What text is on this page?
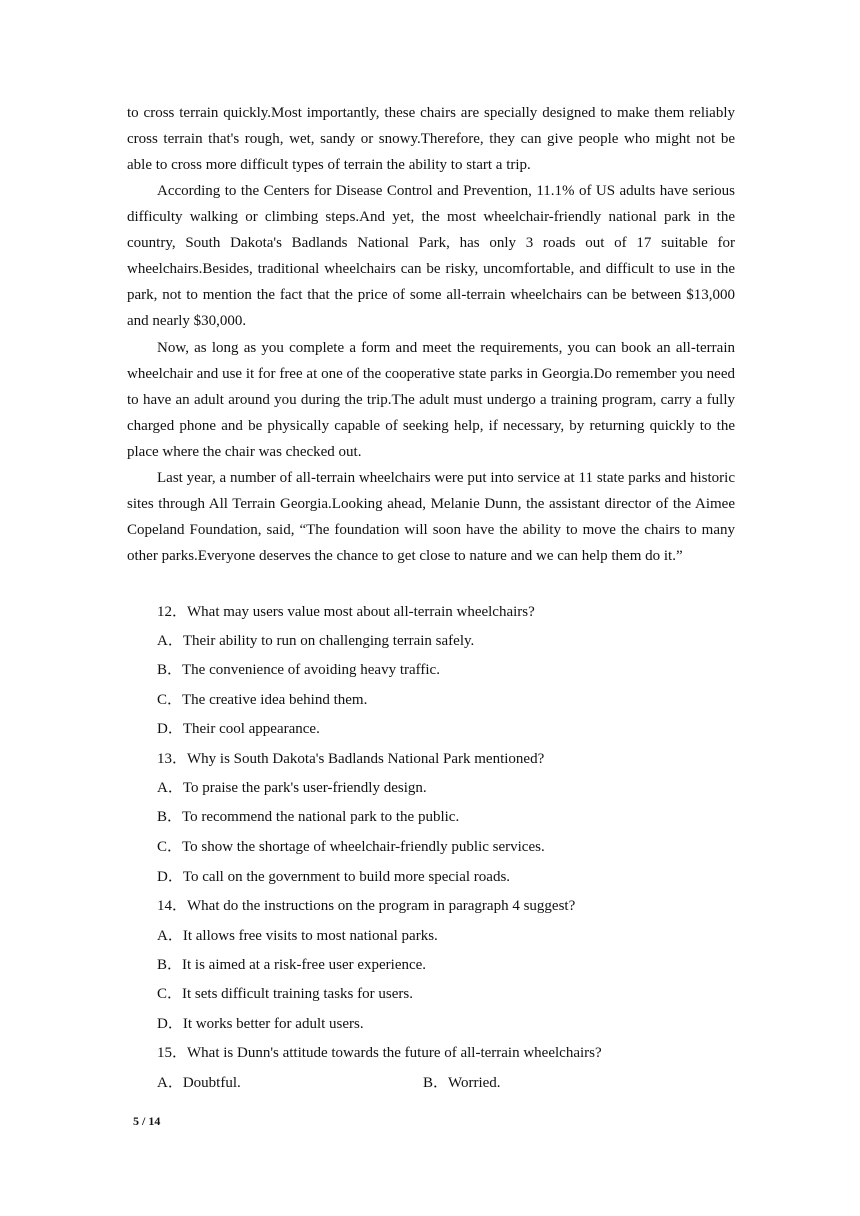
to cross terrain quickly.Most importantly, these chairs are specially designed to make them reliably cross terrain that's rough, wet, sandy or snowy.Therefore, they can give people who might not be able to cross more difficult types of terrain the ability to start a trip.

According to the Centers for Disease Control and Prevention, 11.1% of US adults have serious difficulty walking or climbing steps.And yet, the most wheelchair-friendly national park in the country, South Dakota's Badlands National Park, has only 3 roads out of 17 suitable for wheelchairs.Besides, traditional wheelchairs can be risky, uncomfortable, and difficult to use in the park, not to mention the fact that the price of some all-terrain wheelchairs can be between $13,000 and nearly $30,000.

Now, as long as you complete a form and meet the requirements, you can book an all-terrain wheelchair and use it for free at one of the cooperative state parks in Georgia.Do remember you need to have an adult around you during the trip.The adult must undergo a training program, carry a fully charged phone and be physically capable of seeking help, if necessary, by returning quickly to the place where the chair was checked out.

Last year, a number of all-terrain wheelchairs were put into service at 11 state parks and historic sites through All Terrain Georgia.Looking ahead, Melanie Dunn, the assistant director of the Aimee Copeland Foundation, said, “The foundation will soon have the ability to move the chairs to many other parks.Everyone deserves the chance to get close to nature and we can help them do it.”

12．What may users value most about all-terrain wheelchairs?
A．Their ability to run on challenging terrain safely.
B．The convenience of avoiding heavy traffic.
C．The creative idea behind them.
D．Their cool appearance.
13．Why is South Dakota's Badlands National Park mentioned?
A．To praise the park's user-friendly design.
B．To recommend the national park to the public.
C．To show the shortage of wheelchair-friendly public services.
D．To call on the government to build more special roads.
14．What do the instructions on the program in paragraph 4 suggest?
A．It allows free visits to most national parks.
B．It is aimed at a risk-free user experience.
C．It sets difficult training tasks for users.
D．It works better for adult users.
15．What is Dunn's attitude towards the future of all-terrain wheelchairs?
A．Doubtful.	B．Worried.
5 / 14
